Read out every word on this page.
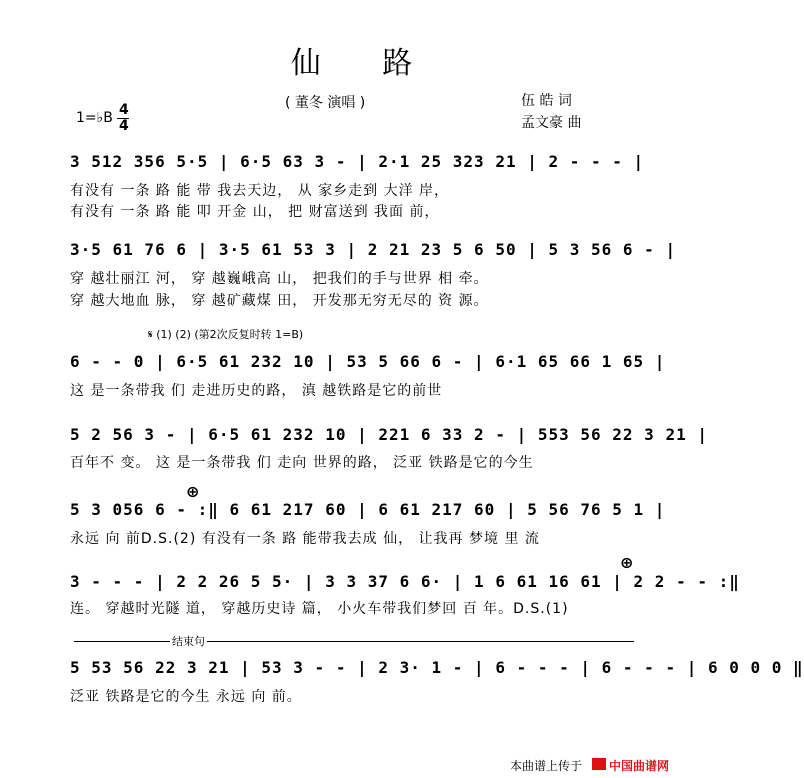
仙 路
( 董冬 演唱 )	伍 皓 词
孟文豪 曲
1=♭B 4
4
3 512 356 5·5 | 6·5 63 3 - | 2·1 25 323 21 | 2 - - - |
有没有 一条 路 能 带 我去天边， 从 家乡走到 大洋 岸，
有没有 一条 路 能 叩 开金 山， 把 财富送到 我面 前，
3·5 61 76 6 | 3·5 61 53 3 | 2 21 23 5 6 50 | 5 3 56 6 - |
穿 越壮丽江 河， 穿 越巍峨高 山， 把我们的手与世界 相 牵。
穿 越大地血 脉， 穿 越矿藏煤 田， 开发那无穷无尽的 资 源。
𝄋 (1) (2) (第2次反复时转 1=B)
6 - - 0 | 6·5 61 232 10 | 53 5 66 6 - | 6·1 65 66 1 65 |
这 是一条带我 们 走进历史的路， 滇 越铁路是它的前世
5 2 56 3 - | 6·5 61 232 10 | 221 6 33 2 - | 553 56 22 3 21 |
百年不 变。 这 是一条带我 们 走向 世界的路， 泛亚 铁路是它的今生
⊕
5 3 056 6 - :‖ 6 61 217 60 | 6 61 217 60 | 5 56 76 5 1 |
永远 向 前D.S.(2) 有没有一条 路 能带我去成 仙， 让我再 梦境 里 流
⊕
3 - - - | 2 2 26 5 5· | 3 3 37 6 6· | 1 6 61 16 61 | 2 2 - - :‖
连。 穿越时光隧 道， 穿越历史诗 篇， 小火车带我们梦回 百 年。D.S.(1)
结束句
5 53 56 22 3 21 | 53 3 - - | 2 3· 1 - | 6 - - - | 6 - - - | 6 0 0 0 ‖
泛亚 铁路是它的今生 永远 向 前。
本曲谱上传于 中国曲谱网
